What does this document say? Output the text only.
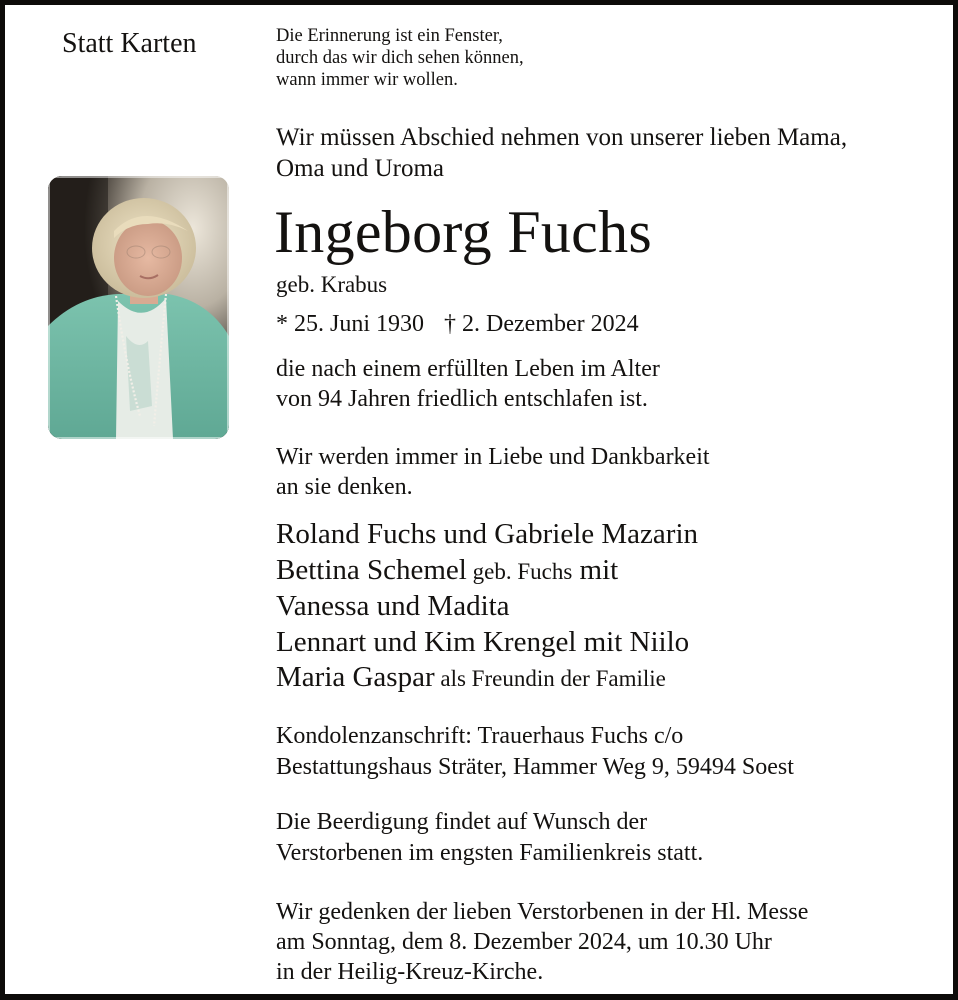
Statt Karten	Die Erinnerung ist ein Fenster,
durch das wir dich sehen können,
wann immer wir wollen.
Wir müssen Abschied nehmen von unserer lieben Mama,
Oma und Uroma
Ingeborg Fuchs
geb. Krabus
* 25. Juni 1930 † 2. Dezember 2024
die nach einem erfüllten Leben im Alter
von 94 Jahren friedlich entschlafen ist.
Wir werden immer in Liebe und Dankbarkeit
an sie denken.
Roland Fuchs und Gabriele Mazarin
Bettina Schemel geb. Fuchs mit
Vanessa und Madita
Lennart und Kim Krengel mit Niilo
Maria Gaspar als Freundin der Familie
Kondolenzanschrift: Trauerhaus Fuchs c/o
Bestattungshaus Sträter, Hammer Weg 9, 59494 Soest
Die Beerdigung findet auf Wunsch der
Verstorbenen im engsten Familienkreis statt.
Wir gedenken der lieben Verstorbenen in der Hl. Messe
am Sonntag, dem 8. Dezember 2024, um 10.30 Uhr
in der Heilig-Kreuz-Kirche.
